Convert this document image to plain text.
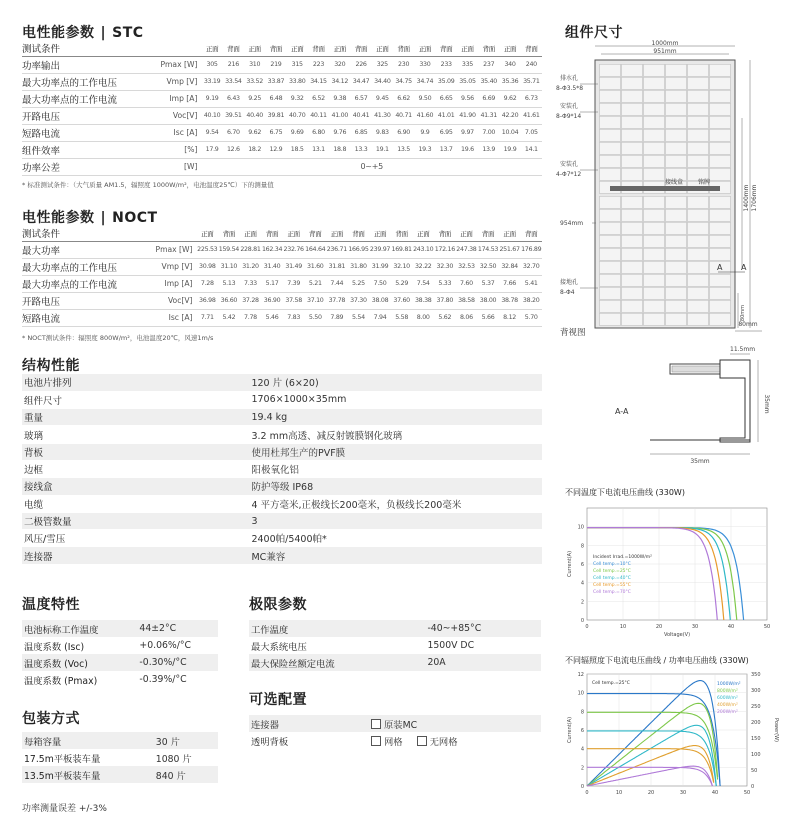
电性能参数 | STC
测试条件		正面	背面	正面	背面	正面	背面	正面	背面	正面	背面	正面	背面	正面	背面	正面	背面
功率输出	Pmax [W]	305	216	310	219	315	223	320	226	325	230	330	233	335	237	340	240
最大功率点的工作电压	Vmp [V]	33.19	33.54	33.52	33.87	33.80	34.15	34.12	34.47	34.40	34.75	34.74	35.09	35.05	35.40	35.36	35.71
最大功率点的工作电流	Imp [A]	9.19	6.43	9.25	6.48	9.32	6.52	9.38	6.57	9.45	6.62	9.50	6.65	9.56	6.69	9.62	6.73
开路电压	Voc[V]	40.10	39.51	40.40	39.81	40.70	40.11	41.00	40.41	41.30	40.71	41.60	41.01	41.90	41.31	42.20	41.61
短路电流	Isc [A]	9.54	6.70	9.62	6.75	9.69	6.80	9.76	6.85	9.83	6.90	9.9	6.95	9.97	7.00	10.04	7.05
组件效率	[%]	17.9	12.6	18.2	12.9	18.5	13.1	18.8	13.3	19.1	13.5	19.3	13.7	19.6	13.9	19.9	14.1
功率公差	[W]	0~+5															
* 标准测试条件：（大气质量 AM1.5，辐照度 1000W/m²，电池温度25℃）下的测量值
电性能参数 | NOCT
测试条件		正面	背面	正面	背面	正面	背面	正面	背面	正面	背面	正面	背面	正面	背面	正面	背面
最大功率	Pmax [W]	225.53	159.54	228.81	162.34	232.76	164.64	236.71	166.95	239.97	169.81	243.10	172.16	247.38	174.53	251.67	176.89
最大功率点的工作电压	Vmp [V]	30.98	31.10	31.20	31.40	31.49	31.60	31.81	31.80	31.99	32.10	32.22	32.30	32.53	32.50	32.84	32.70
最大功率点的工作电流	Imp [A]	7.28	5.13	7.33	5.17	7.39	5.21	7.44	5.25	7.50	5.29	7.54	5.33	7.60	5.37	7.66	5.41
开路电压	Voc[V]	36.98	36.60	37.28	36.90	37.58	37.10	37.78	37.30	38.08	37.60	38.38	37.80	38.58	38.00	38.78	38.20
短路电流	Isc [A]	7.71	5.42	7.78	5.46	7.83	5.50	7.89	5.54	7.94	5.58	8.00	5.62	8.06	5.66	8.12	5.70
* NOCT测试条件：辐照度 800W/m²，电池温度20℃，风速1m/s
结构性能
电池片排列	120 片 (6×20)
组件尺寸	1706×1000×35mm
重量	19.4 kg
玻璃	3.2 mm高透、减反射镀膜钢化玻璃
背板	使用杜邦生产的PVF膜
边框	阳极氧化铝
接线盒	防护等级 IP68
电缆	4 平方毫米,正极线长200毫米，负极线长200毫米
二极管数量	3
风压/雪压	2400帕/5400帕*
连接器	MC兼容
温度特性
电池标称工作温度	44±2°C
温度系数 (Isc)	+0.06%/°C
温度系数 (Voc)	-0.30%/°C
温度系数 (Pmax)	-0.39%/°C
极限参数
工作温度	-40~+85°C
最大系统电压	1500V DC
最大保险丝额定电流	20A
包装方式
每箱容量	30 片
17.5m平板装车量	1080 片
13.5m平板装车量	840 片
可选配置
连接器	原装MC
透明背板	网格 无网格
功率测量误差 +/-3%
组件尺寸
1000mm
951mm
1706mm
1400mm
80mm
80mm
954mm
排水孔
8-Φ3.5*8
安装孔
8-Φ9*14
安装孔
4-Φ7*12
接线盒 铭牌
接地孔
8-Φ4
A A
背视图
11.5mm
A-A	35mm
35mm
不同温度下电流电压曲线 (330W)
0	10	20	30	40	50
0
2
4
6
8
10
Voltage(V)
Current(A)	Incident Irrad.=1000W/m²
Cell temp.=10°C
Cell temp.=25°C
Cell temp.=40°C
Cell temp.=55°C
Cell temp.=70°C
不同辐照度下电流电压曲线 / 功率电压曲线 (330W)
0	10	20	30	40	50
0
2
4
6
8
10
12
0
50
100
150
200
250
300
350
Current(A)	Power(W)
Cell temp.=25°C	1000W/m²
800W/m²
600W/m²
400W/m²
200W/m²
